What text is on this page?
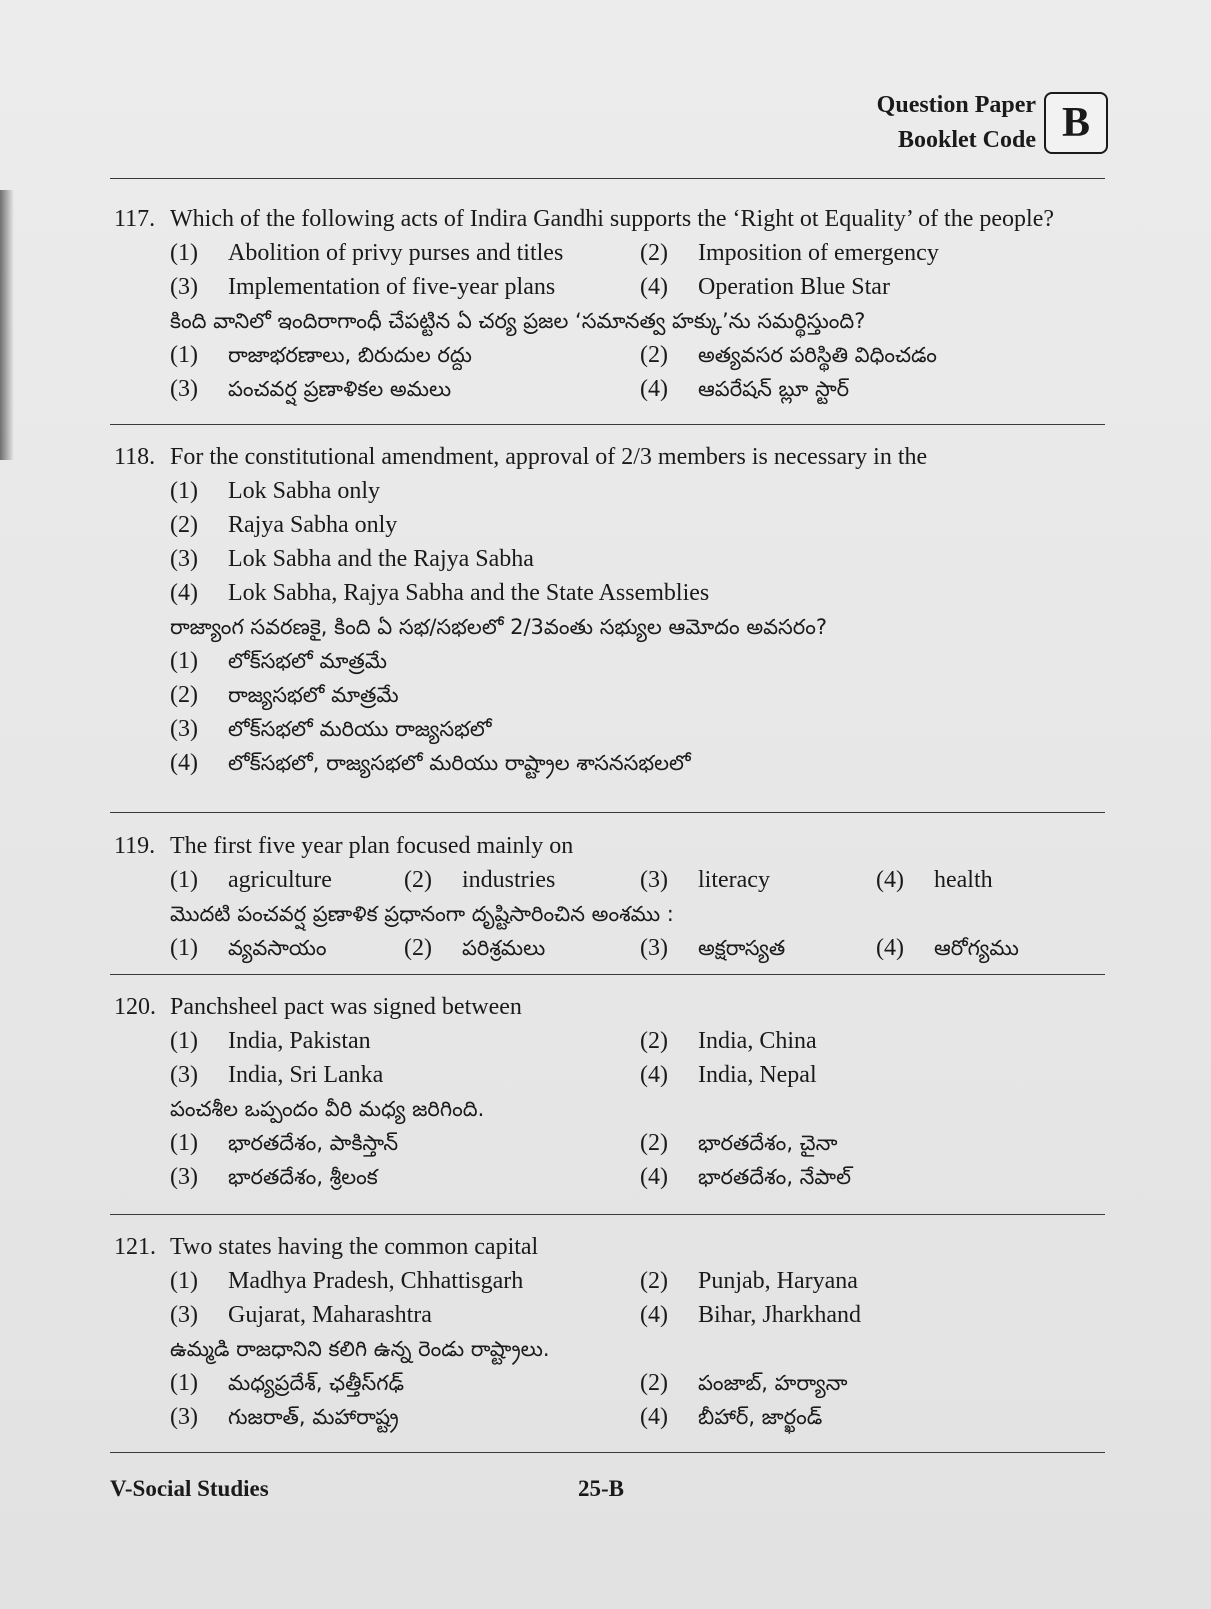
Question Paper
Booklet Code B
117. Which of the following acts of Indira Gandhi supports the ‘Right ot Equality’ of the people?
(1) Abolition of privy purses and titles	(2) Imposition of emergency
(3) Implementation of five-year plans	(4) Operation Blue Star
కింది వానిలో ఇందిరాగాంధీ చేపట్టిన ఏ చర్య ప్రజల ‘సమానత్వ హక్కు’ను సమర్థిస్తుంది?
(1) రాజాభరణాలు, బిరుదుల రద్దు	(2) అత్యవసర పరిస్థితి విధించడం
(3) పంచవర్ష ప్రణాళికల అమలు	(4) ఆపరేషన్ బ్లూ స్టార్
118. For the constitutional amendment, approval of 2/3 members is necessary in the
(1) Lok Sabha only
(2) Rajya Sabha only
(3) Lok Sabha and the Rajya Sabha
(4) Lok Sabha, Rajya Sabha and the State Assemblies
రాజ్యాంగ సవరణకై, కింది ఏ సభ/సభలలో 2/3వంతు సభ్యుల ఆమోదం అవసరం?
(1) లోక్‌సభలో మాత్రమే
(2) రాజ్యసభలో మాత్రమే
(3) లోక్‌సభలో మరియు రాజ్యసభలో
(4) లోక్‌సభలో, రాజ్యసభలో మరియు రాష్ట్రాల శాసనసభలలో
119. The first five year plan focused mainly on
(1) agriculture	(2) industries	(3) literacy	(4) health
మొదటి పంచవర్ష ప్రణాళిక ప్రధానంగా దృష్టిసారించిన అంశము :
(1) వ్యవసాయం	(2) పరిశ్రమలు	(3) అక్షరాస్యత	(4) ఆరోగ్యము
120. Panchsheel pact was signed between
(1) India, Pakistan	(2) India, China
(3) India, Sri Lanka	(4) India, Nepal
పంచశీల ఒప్పందం వీరి మధ్య జరిగింది.
(1) భారతదేశం, పాకిస్తాన్	(2) భారతదేశం, చైనా
(3) భారతదేశం, శ్రీలంక	(4) భారతదేశం, నేపాల్
121. Two states having the common capital
(1) Madhya Pradesh, Chhattisgarh	(2) Punjab, Haryana
(3) Gujarat, Maharashtra	(4) Bihar, Jharkhand
ఉమ్మడి రాజధానిని కలిగి ఉన్న రెండు రాష్ట్రాలు.
(1) మధ్యప్రదేశ్, ఛత్తీస్‌గఢ్	(2) పంజాబ్, హర్యానా
(3) గుజరాత్, మహారాష్ట్ర	(4) బీహార్, జార్ఖండ్
V-Social Studies	25-B
